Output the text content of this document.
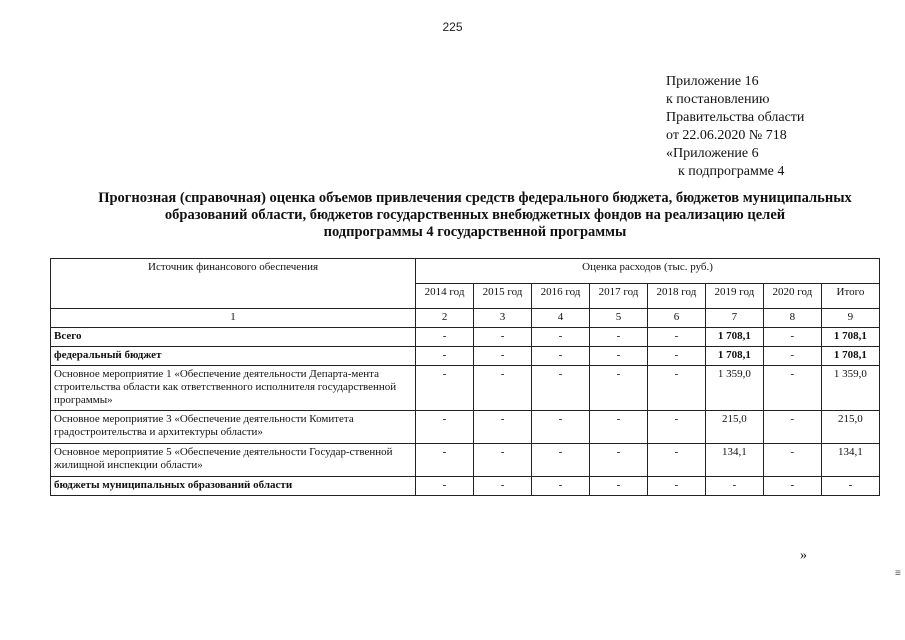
225
Приложение 16
к постановлению
Правительства области
от 22.06.2020 № 718
«Приложение 6
к подпрограмме 4
Прогнозная (справочная) оценка объемов привлечения средств федерального бюджета, бюджетов муниципальных
образований области, бюджетов государственных внебюджетных фондов на реализацию целей
подпрограммы 4 государственной программы
Источник финансового обеспечения	Оценка расходов (тыс. руб.)							
	2014 год	2015 год	2016 год	2017 год	2018 год	2019 год	2020 год	Итого
1	2	3	4	5	6	7	8	9
Всего	-	-	-	-	-	1 708,1	-	1 708,1
федеральный бюджет	-	-	-	-	-	1 708,1	-	1 708,1
Основное мероприятие 1 «Обеспечение деятельности Департа-мента строительства области как ответственного исполнителя государственной программы»	-	-	-	-	-	1 359,0	-	1 359,0
Основное мероприятие 3 «Обеспечение деятельности Комитета градостроительства и архитектуры области»	-	-	-	-	-	215,0	-	215,0
Основное мероприятие 5 «Обеспечение деятельности Государ-ственной жилищной инспекции области»	-	-	-	-	-	134,1	-	134,1
бюджеты муниципальных образований области	-	-	-	-	-	-	-	-
»
≡
